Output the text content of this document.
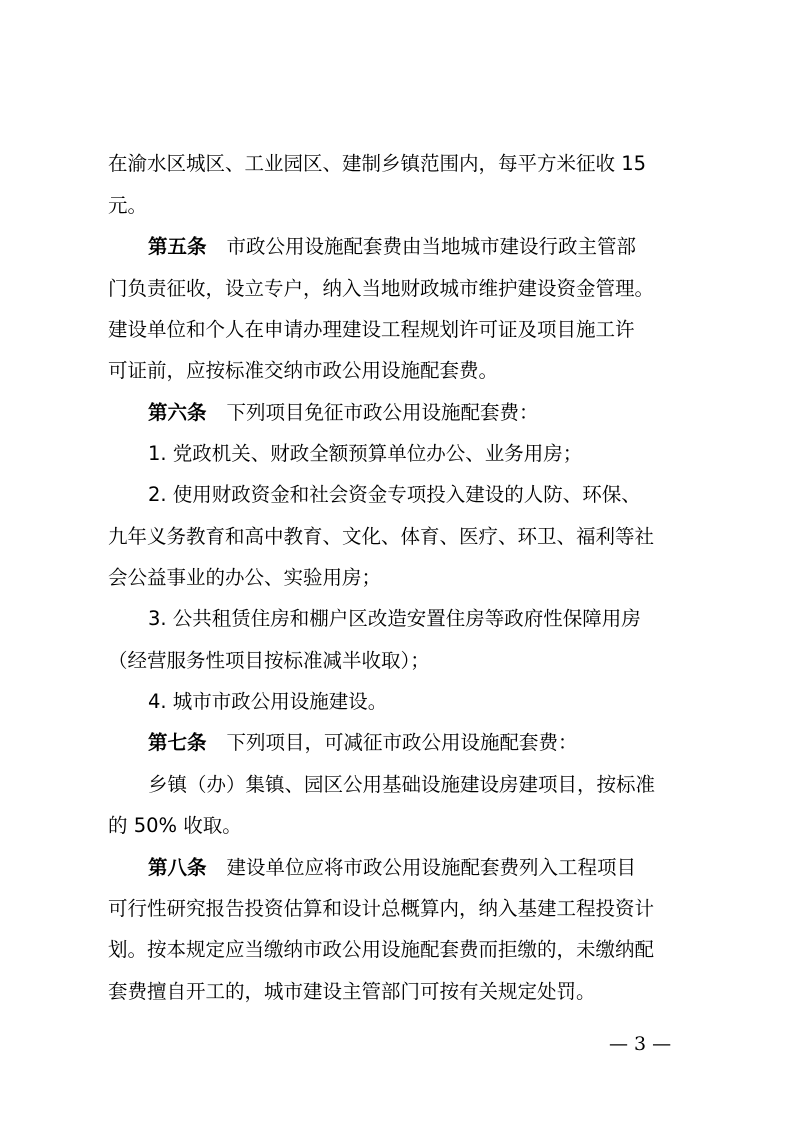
在渝水区城区、工业园区、建制乡镇范围内，每平方米征收 15
元。
第五条 市政公用设施配套费由当地城市建设行政主管部
门负责征收，设立专户，纳入当地财政城市维护建设资金管理。
建设单位和个人在申请办理建设工程规划许可证及项目施工许
可证前，应按标准交纳市政公用设施配套费。
第六条 下列项目免征市政公用设施配套费：
1. 党政机关、财政全额预算单位办公、业务用房；
2. 使用财政资金和社会资金专项投入建设的人防、环保、
九年义务教育和高中教育、文化、体育、医疗、环卫、福利等社
会公益事业的办公、实验用房；
3. 公共租赁住房和棚户区改造安置住房等政府性保障用房
（经营服务性项目按标准减半收取）；
4. 城市市政公用设施建设。
第七条 下列项目，可减征市政公用设施配套费：
乡镇（办）集镇、园区公用基础设施建设房建项目，按标准
的 50% 收取。
第八条 建设单位应将市政公用设施配套费列入工程项目
可行性研究报告投资估算和设计总概算内，纳入基建工程投资计
划。按本规定应当缴纳市政公用设施配套费而拒缴的，未缴纳配
套费擅自开工的，城市建设主管部门可按有关规定处罚。
— 3 —
